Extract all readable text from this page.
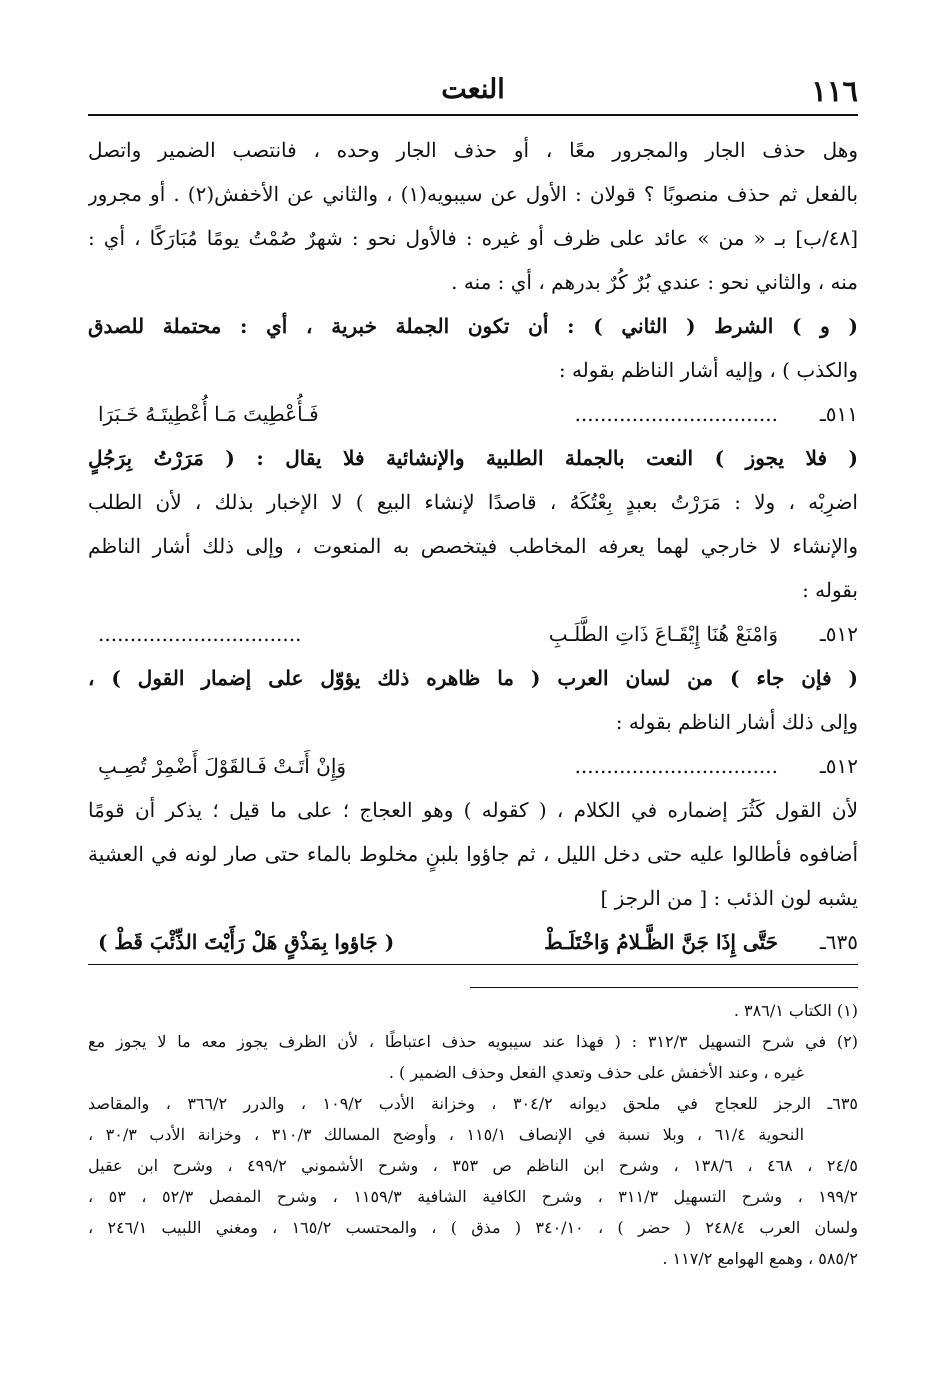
١١٦
النعت
وهل حذف الجار والمجرور معًا ، أو حذف الجار وحده ، فانتصب الضمير واتصل
بالفعل ثم حذف منصوبًا ؟ قولان : الأول عن سيبويه(١) ، والثاني عن الأخفش(٢) . أو مجرور
[٤٨/ب] بـ « من » عائد على ظرف أو غيره : فالأول نحو : شهرٌ صُمْتُ يومًا مُبَارَكًا ، أي :
منه ، والثاني نحو : عندي بُرٌ كُرٌ بدرهم ، أي : منه .
( و ) الشرط ( الثاني ) : أن تكون الجملة خبرية ، أي : محتملة للصدق
والكذب ) ، وإليه أشار الناظم بقوله :
٥١١ـ
................................
فَـأُعْطِيتَ مَـا أُعْطِيتَـهُ خَـبَرَا
( فلا يجوز ) النعت بالجملة الطلبية والإنشائية فلا يقال : ( مَرَرْتُ بِرَجُلٍ
اضرِبْه ، ولا : مَرَرْتُ بعبدٍ بِعْتُكَهُ ، قاصدًا لإنشاء البيع ) لا الإخبار بذلك ، لأن الطلب
والإنشاء لا خارجي لهما يعرفه المخاطب فيتخصص به المنعوت ، وإلى ذلك أشار الناظم
بقوله :
٥١٢ـ
وَامْنَعْ هُنَا إِيْقَـاعَ ذَاتِ الطَّلَـبِ
................................
( فإن جاء ) من لسان العرب ( ما ظاهره ذلك يؤوّل على إضمار القول ) ،
وإلى ذلك أشار الناظم بقوله :
٥١٢ـ
................................
وَإِنْ أَتَـتْ فَـالقَوْلَ أَضْمِرْ تُصِـبِ
لأن القول كَثُرَ إضماره في الكلام ، ( كقوله ) وهو العجاج ؛ على ما قيل ؛ يذكر أن قومًا
أضافوه فأطالوا عليه حتى دخل الليل ، ثم جاؤوا بلبنٍ مخلوط بالماء حتى صار لونه في العشية
يشبه لون الذئب : [ من الرجز ]
٦٣٥ـ
حَتَّى إِذَا جَنَّ الظَّـلامُ وَاخْتَلَـطْ
( جَاؤوا بِمَذْقٍ هَلْ رَأَيْتَ الذِّئْبَ قَطْ )
(١) الكتاب ٣٨٦/١ .
(٢) في شرح التسهيل ٣١٢/٣ : ( فهذا عند سيبويه حذف اعتباطًا ، لأن الظرف يجوز معه ما لا يجوز مع
غيره ، وعند الأخفش على حذف وتعدي الفعل وحذف الضمير ) .
٦٣٥ـ الرجز للعجاج في ملحق ديوانه ٣٠٤/٢ ، وخزانة الأدب ١٠٩/٢ ، والدرر ٣٦٦/٢ ، والمقاصد
النحوية ٦١/٤ ، وبلا نسبة في الإنصاف ١١٥/١ ، وأوضح المسالك ٣١٠/٣ ، وخزانة الأدب ٣٠/٣ ،
٢٤/٥ ، ٤٦٨ ، ١٣٨/٦ ، وشرح ابن الناظم ص ٣٥٣ ، وشرح الأشموني ٤٩٩/٢ ، وشرح ابن عقيل
١٩٩/٢ ، وشرح التسهيل ٣١١/٣ ، وشرح الكافية الشافية ١١٥٩/٣ ، وشرح المفصل ٥٢/٣ ، ٥٣ ،
ولسان العرب ٢٤٨/٤ ( حضر ) ، ٣٤٠/١٠ ( مذق ) ، والمحتسب ١٦٥/٢ ، ومغني اللبيب ٢٤٦/١ ،
٥٨٥/٢ ، وهمع الهوامع ١١٧/٢ .
